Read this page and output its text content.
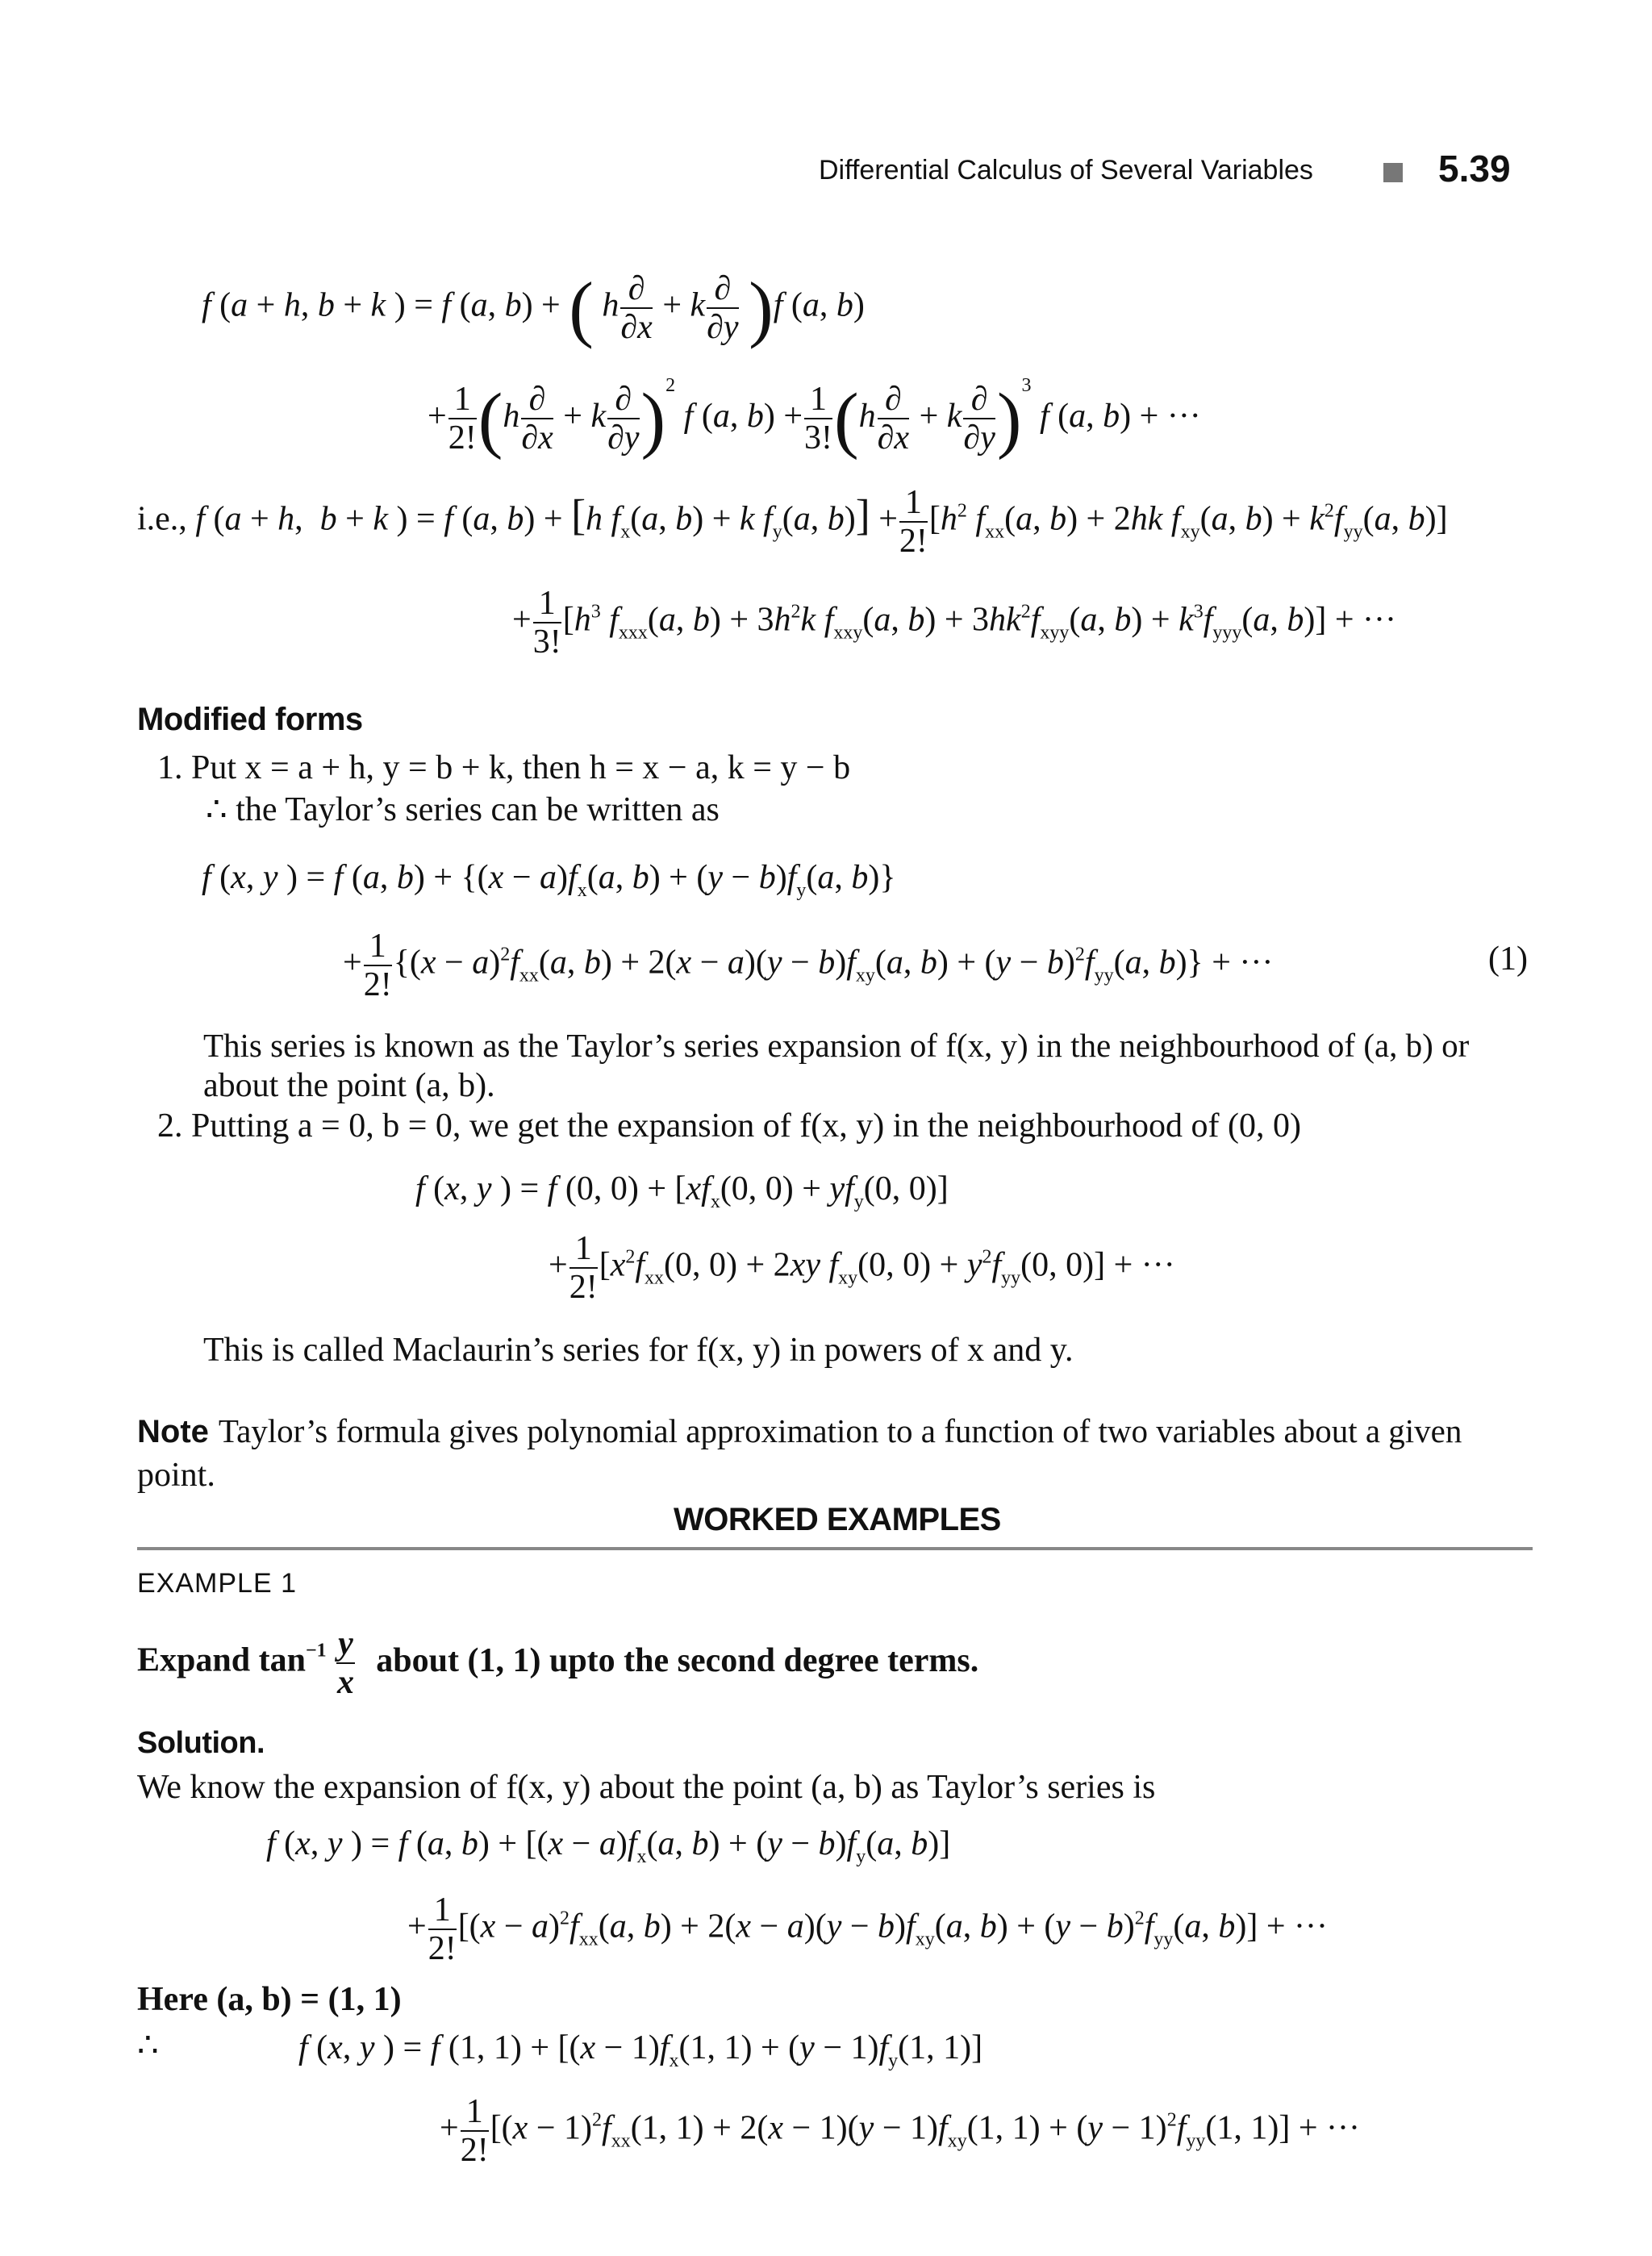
Differential Calculus of Several Variables	5.39
f (a + h, b + k ) = f (a, b) + ( h $\frac{\partial}{\partial x} + k \frac{\partial}{\partial y} )f$ (a, b)
+ $\frac{1}{2!} (h \frac{\partial}{\partial x} + k \frac{\partial}{\partial y} )^2$ f (a, $b) + \frac{1}{3!} (h \frac{\partial}{\partial x} + k \frac{\partial}{\partial y} )^3$ f (a, b) + ···
i.e., f (a + h,  b + k ) = f (a, b) + [h $f_x(a$, b) + k $f_y(a$, $b)] + \frac{1}{2!} [h^2$ $f_{xx}(a$, b) + 2hk $f_{xy}(a$, $b) + k^2f_{yy}(a$, b)]
+ $\frac{1}{3!} [h^3$ $f_{xxx}(a$, $b) + 3h^2k$ $f_{xxy}(a$, $b) + 3hk^2f_{xyy}(a$, $b) + k^3f_{yyy}(a$, b)] + ···
Modified forms
1. Put x = a + h, y = b + k, then h = x − a, k = y − b
∴ the Taylor’s series can be written as
f (x, y ) = f (a, $b) + \{(x - a)f_x(a$, $b) + (y - b)f_y(a$, b)}
+ $\frac{1}{2!} \{(x - a)^2f_{xx}(a$, $b) + 2(x - a)(y - b)f_{xy}(a$, $b) + (y - b)^2f_{yy}(a$, b)} + ···	(1)
This series is known as the Taylor’s series expansion of f(x, y) in the neighbourhood of (a, b) or
about the point (a, b).
2. Putting a = 0, b = 0, we get the expansion of f(x, y) in the neighbourhood of (0, 0)
f (x, y ) = f (0, $0) + [xf_x(0$, $0) + yf_y(0$, 0)]
+ $\frac{1}{2!} [x^2f_{xx}(0$, 0) + 2xy $f_{xy}(0$, $0) + y^2f_{yy}(0$, 0)] + ···
This is called Maclaurin’s series for f(x, y) in powers of x and y.
Note Taylor’s formula gives polynomial approximation to a function of two variables about a given
point.
WORKED EXAMPLES
EXAMPLE 1
Expand $\tan^{-1} \frac{y}{x}$ about (1, 1) upto the second degree terms.
Solution.
We know the expansion of f(x, y) about the point (a, b) as Taylor’s series is
f (x, y ) = f (a, $b) + [(x - a)f_x(a$, $b) + (y - b)f_y(a$, b)]
+ $\frac{1}{2!} [(x - a)^2f_{xx}(a$, $b) + 2(x - a)(y - b)f_{xy}(a$, $b) + (y - b)^2f_{yy}(a$, b)] + ···
Here (a, b) = (1, 1)
∴	f (x, y ) = f (1, $1) + [(x - 1)f_x(1$, $1) + (y - 1)f_y(1$, 1)]
+ $\frac{1}{2!} [(x - 1)^2f_{xx}(1$, $1) + 2(x - 1)(y - 1)f_{xy}(1$, $1) + (y - 1)^2f_{yy}(1$, 1)] + ···
